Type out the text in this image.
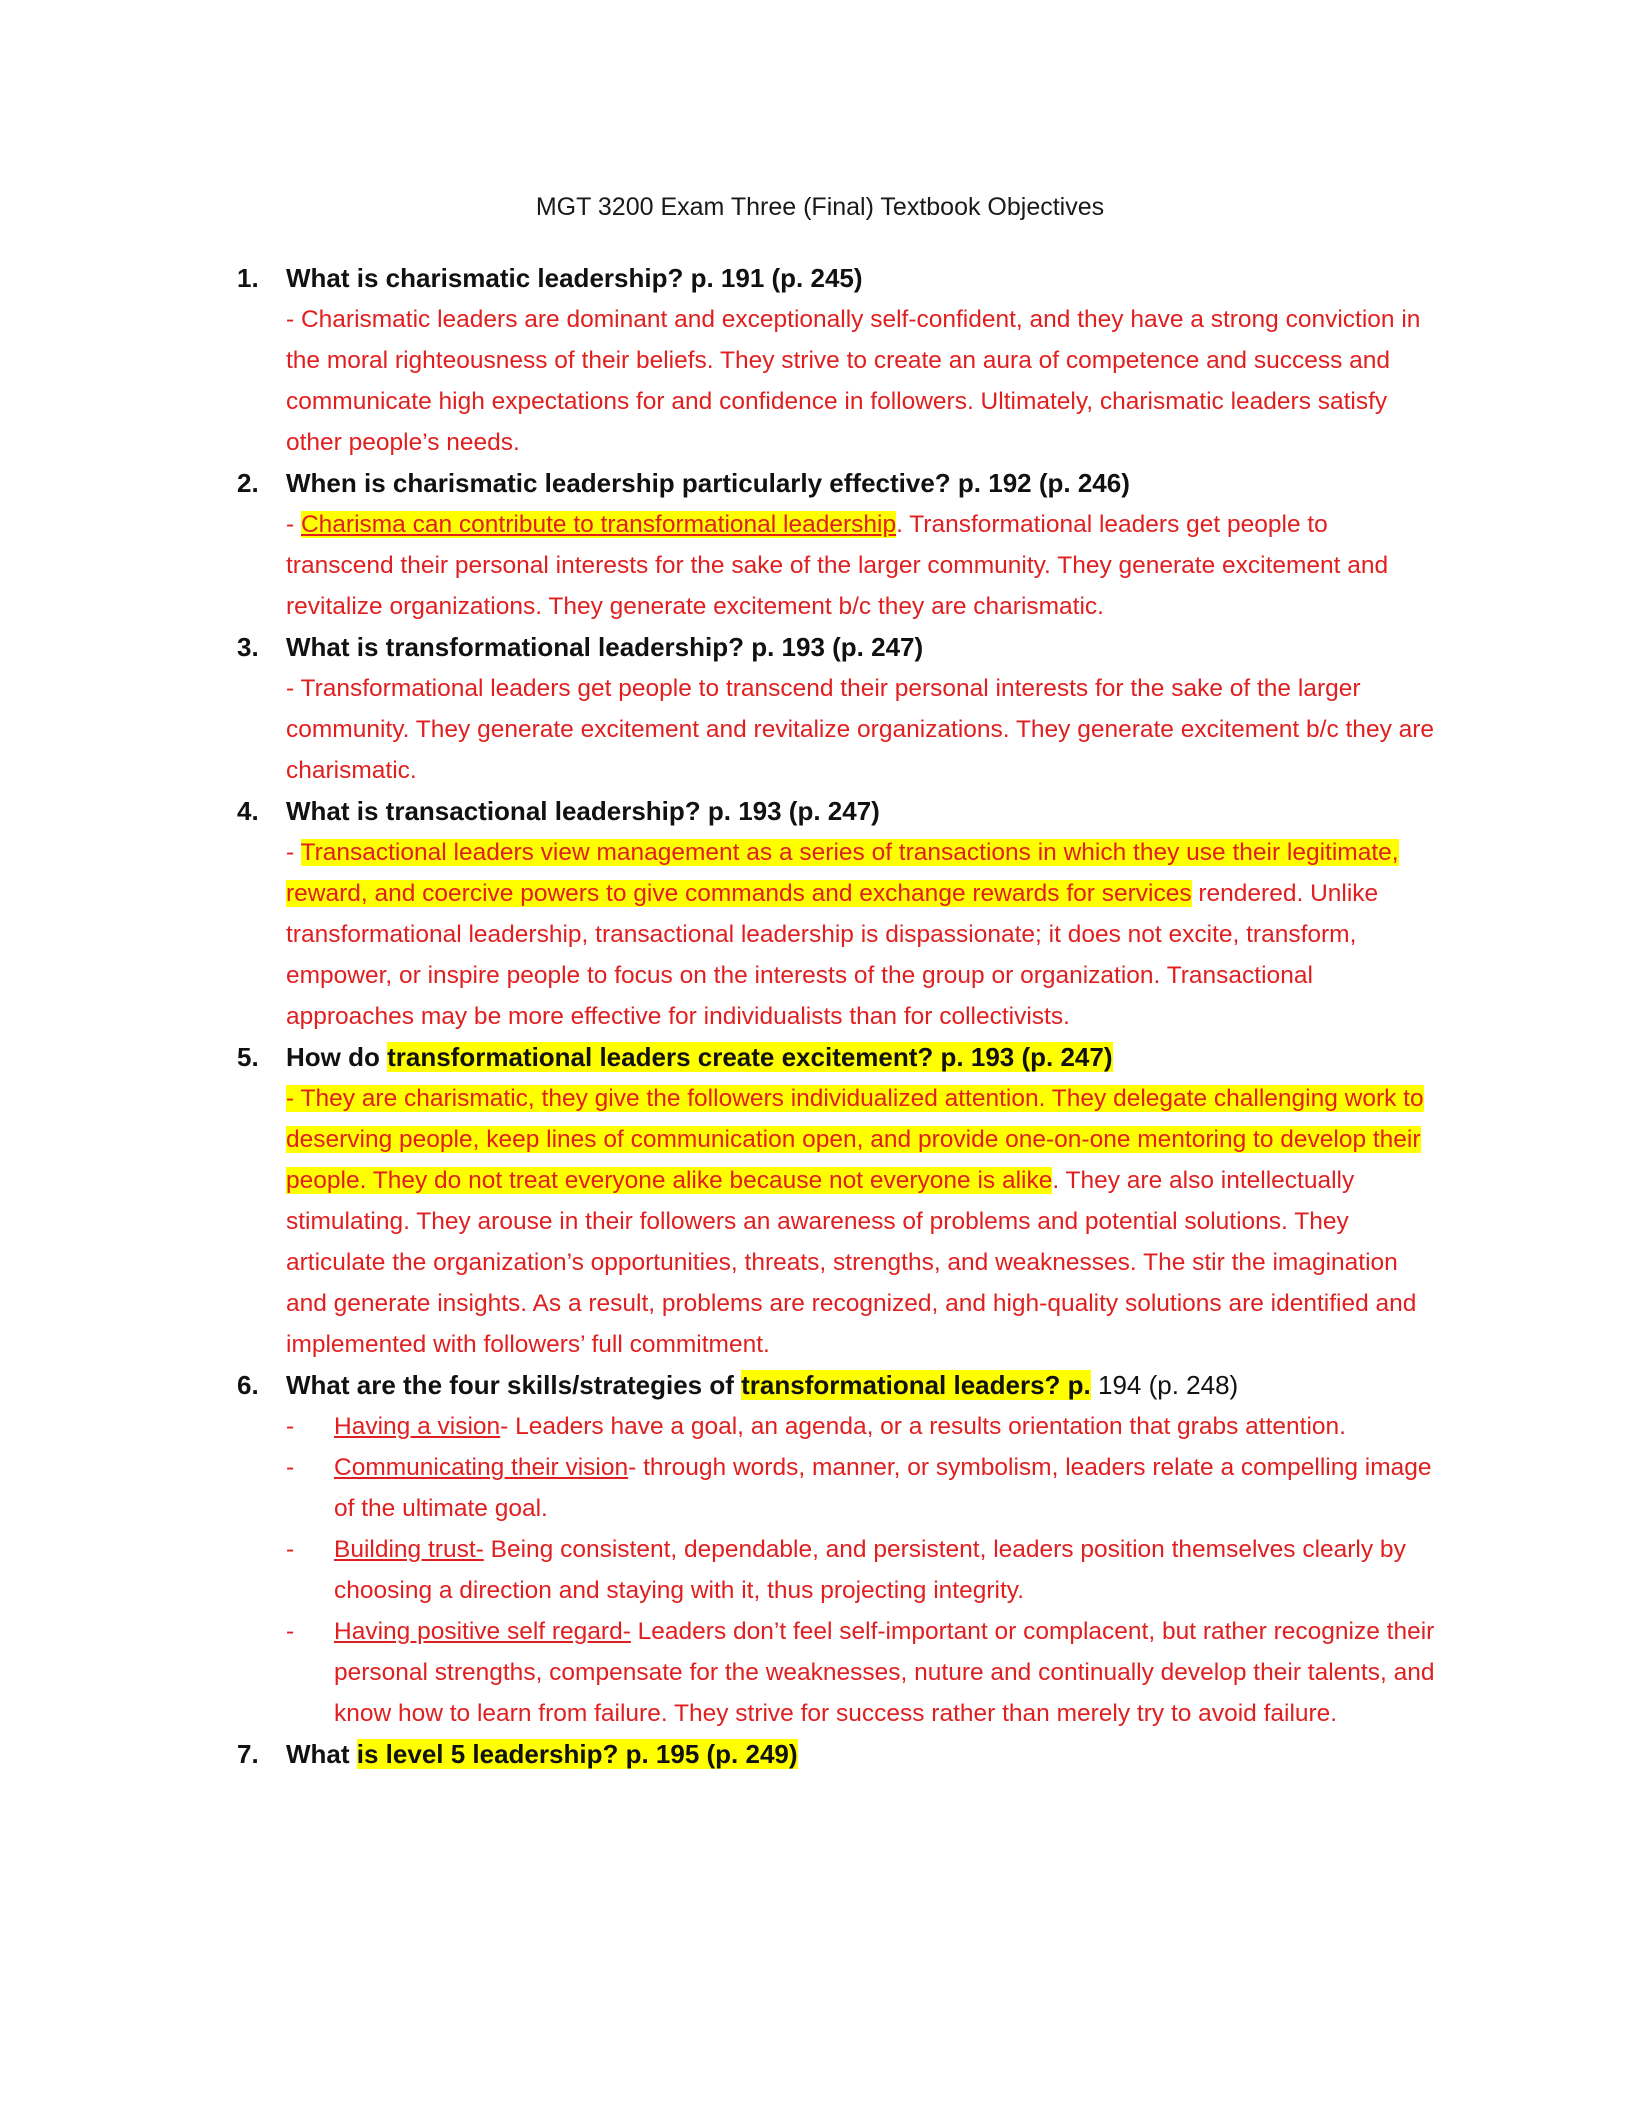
MGT 3200 Exam Three (Final) Textbook Objectives
1.	What is charismatic leadership? p. 191 (p. 245)
- Charismatic leaders are dominant and exceptionally self-confident, and they have a strong conviction in the moral righteousness of their beliefs. They strive to create an aura of competence and success and communicate high expectations for and confidence in followers. Ultimately, charismatic leaders satisfy other people’s needs.
2.	When is charismatic leadership particularly effective? p. 192 (p. 246)
- Charisma can contribute to transformational leadership. Transformational leaders get people to transcend their personal interests for the sake of the larger community. They generate excitement and revitalize organizations. They generate excitement b/c they are charismatic.
3.	What is transformational leadership? p. 193 (p. 247)
- Transformational leaders get people to transcend their personal interests for the sake of the larger community. They generate excitement and revitalize organizations. They generate excitement b/c they are charismatic.
4.	What is transactional leadership? p. 193 (p. 247)
- Transactional leaders view management as a series of transactions in which they use their legitimate, reward, and coercive powers to give commands and exchange rewards for services rendered. Unlike transformational leadership, transactional leadership is dispassionate; it does not excite, transform, empower, or inspire people to focus on the interests of the group or organization. Transactional approaches may be more effective for individualists than for collectivists.
5.	How do transformational leaders create excitement? p. 193 (p. 247)
- They are charismatic, they give the followers individualized attention. They delegate challenging work to deserving people, keep lines of communication open, and provide one-on-one mentoring to develop their people. They do not treat everyone alike because not everyone is alike. They are also intellectually stimulating. They arouse in their followers an awareness of problems and potential solutions. They articulate the organization’s opportunities, threats, strengths, and weaknesses. The stir the imagination and generate insights. As a result, problems are recognized, and high-quality solutions are identified and implemented with followers’ full commitment.
6.	What are the four skills/strategies of transformational leaders? p. 194 (p. 248)
-	Having a vision- Leaders have a goal, an agenda, or a results orientation that grabs attention.
-	Communicating their vision- through words, manner, or symbolism, leaders relate a compelling image of the ultimate goal.
-	Building trust- Being consistent, dependable, and persistent, leaders position themselves clearly by choosing a direction and staying with it, thus projecting integrity.
-	Having positive self regard- Leaders don’t feel self-important or complacent, but rather recognize their personal strengths, compensate for the weaknesses, nuture and continually develop their talents, and know how to learn from failure. They strive for success rather than merely try to avoid failure.
7.	What is level 5 leadership? p. 195 (p. 249)
